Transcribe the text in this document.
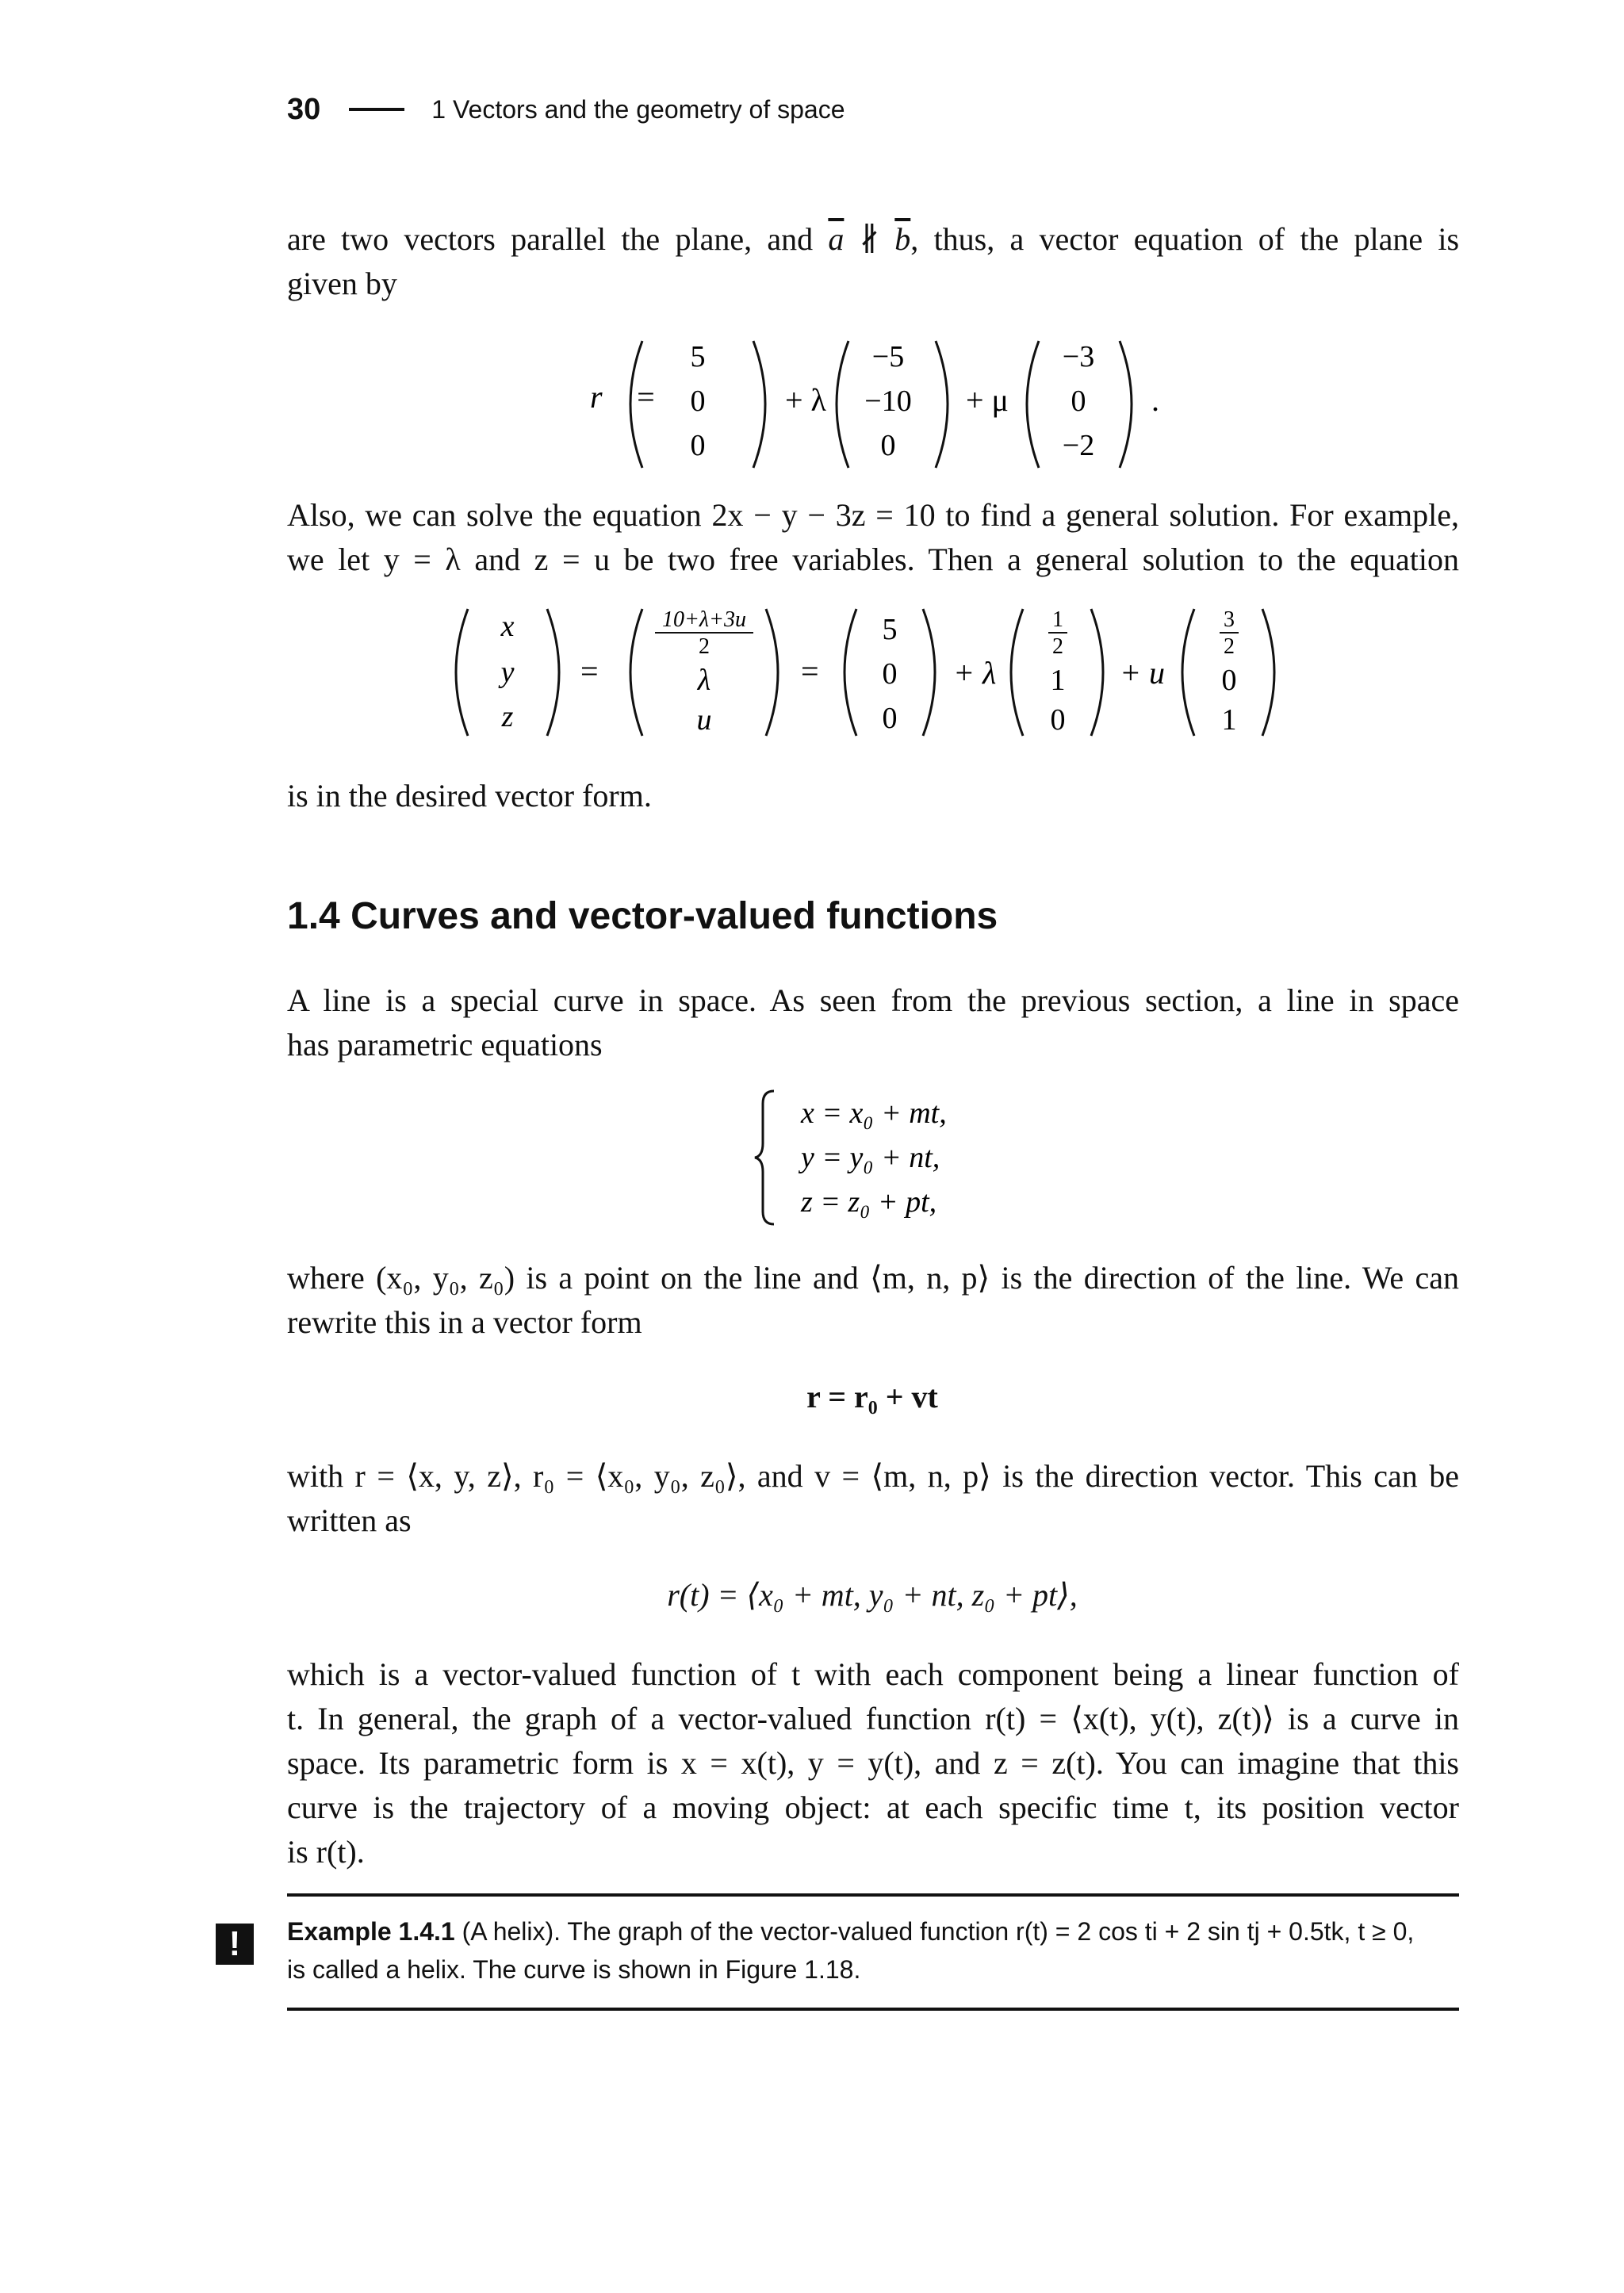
30	1 Vectors and the geometry of space
are two vectors parallel the plane, and $\overline{a}$ ∦ $\overline{b}$, thus, a vector equation of the plane is
given by
r⃗ =
5
0
0
+ λ
−5
−10
0
+ μ
−3
0
−2
.
Also, we can solve the equation 2x − y − 3z = 10 to find a general solution. For example,
we let y = λ and z = u be two free variables. Then a general solution to the equation
x
y
z
=
10+λ+3u
2
λ
u
=
5
0
0
+ λ
1
2
1
0
+ u
3
2
0
1
is in the desired vector form.
1.4 Curves and vector-valued functions
A line is a special curve in space. As seen from the previous section, a line in space
has parametric equations
x = x₀ + mt,
y = y₀ + nt,
z = z₀ + pt,
where (x₀, y₀, z₀) is a point on the line and ⟨m, n, p⟩ is the direction of the line. We can
rewrite this in a vector form
r = r₀ + vt
with r = ⟨x, y, z⟩, r₀ = ⟨x₀, y₀, z₀⟩, and v = ⟨m, n, p⟩ is the direction vector. This can be
written as
r(t) = ⟨x₀ + mt, y₀ + nt, z₀ + pt⟩,
which is a vector-valued function of t with each component being a linear function of
t. In general, the graph of a vector-valued function r(t) = ⟨x(t), y(t), z(t)⟩ is a curve in
space. Its parametric form is x = x(t), y = y(t), and z = z(t). You can imagine that this
curve is the trajectory of a moving object: at each specific time t, its position vector
is r(t).
!	Example 1.4.1 (A helix). The graph of the vector-valued function r(t) = 2 cos ti + 2 sin tj + 0.5tk, t ≥ 0,
is called a helix. The curve is shown in Figure 1.18.
